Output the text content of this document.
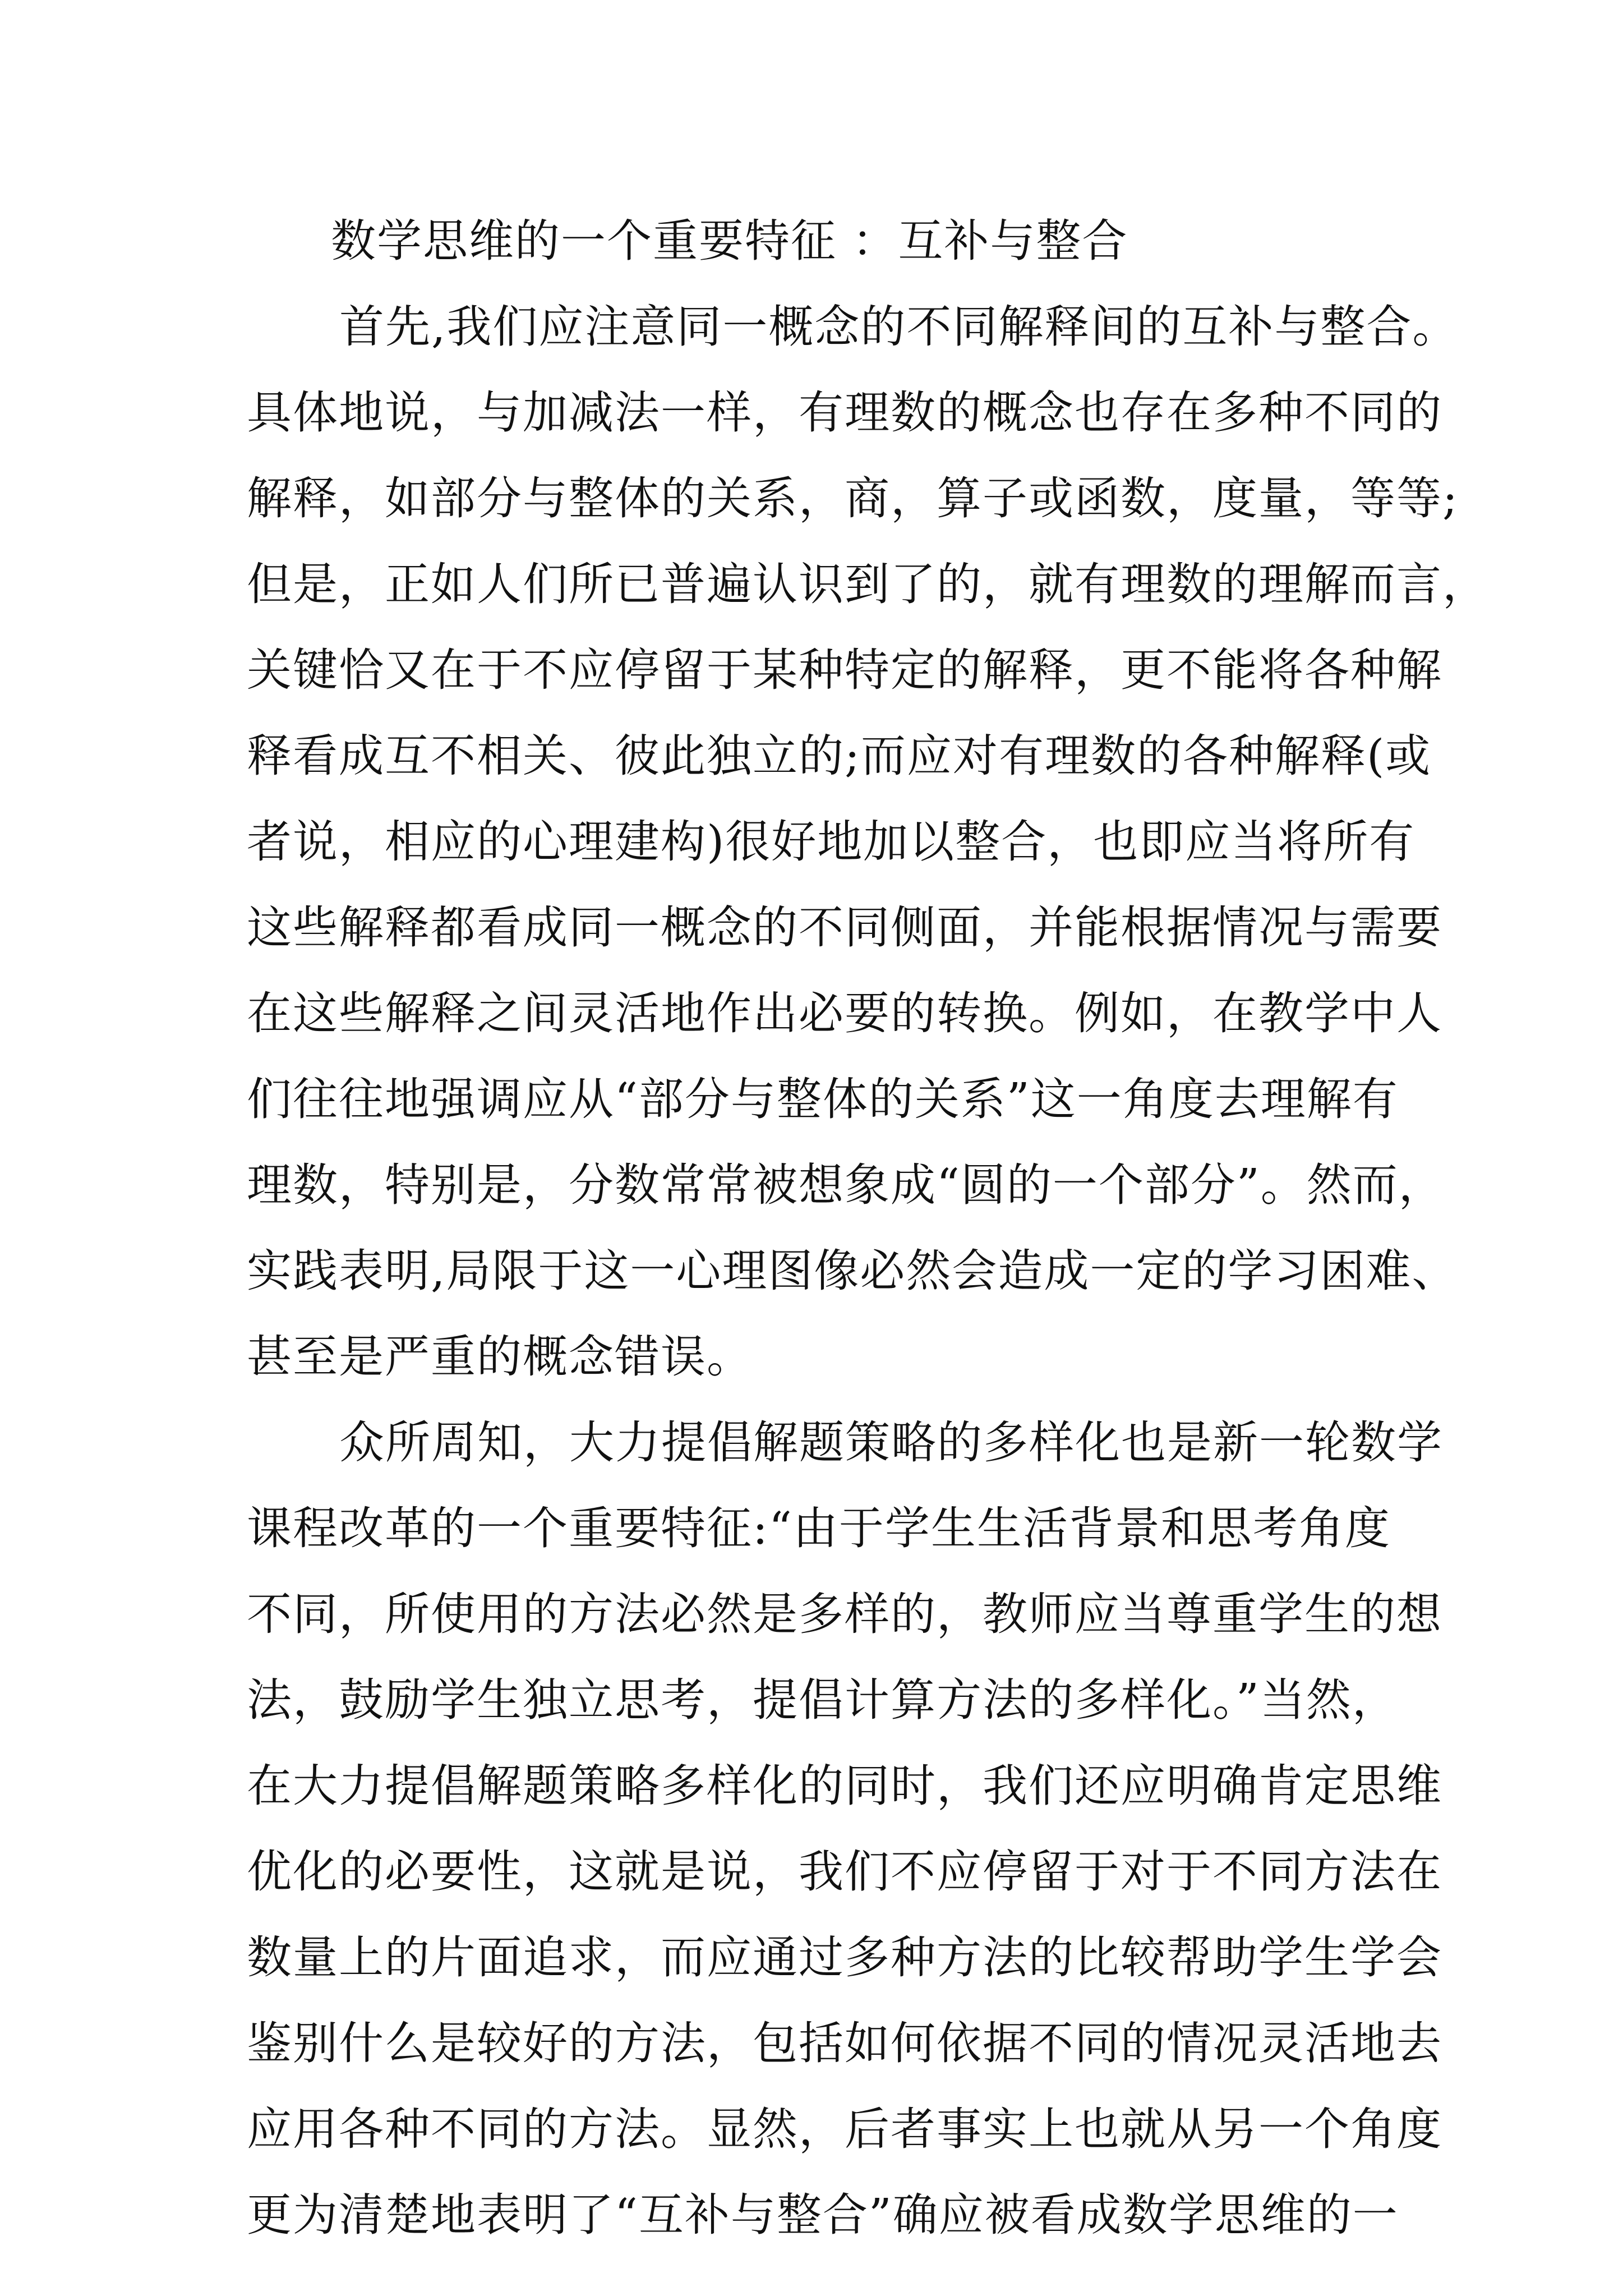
数学思维的一个重要特征 ：互补与整合
首先,我们应注意同一概念的不同解释间的互补与整合。
具体地说，与加减法一样，有理数的概念也存在多种不同的
解释，如部分与整体的关系，商，算子或函数，度量，等等;
但是，正如人们所已普遍认识到了的，就有理数的理解而言，
关键恰又在于不应停留于某种特定的解释，更不能将各种解
释看成互不相关、彼此独立的;而应对有理数的各种解释(或
者说，相应的心理建构)很好地加以整合，也即应当将所有
这些解释都看成同一概念的不同侧面，并能根据情况与需要
在这些解释之间灵活地作出必要的转换。例如，在教学中人
们往往地强调应从“部分与整体的关系”这一角度去理解有
理数，特别是，分数常常被想象成“圆的一个部分”。然而，
实践表明,局限于这一心理图像必然会造成一定的学习困难、
甚至是严重的概念错误。
众所周知，大力提倡解题策略的多样化也是新一轮数学
课程改革的一个重要特征:“由于学生生活背景和思考角度
不同，所使用的方法必然是多样的，教师应当尊重学生的想
法，鼓励学生独立思考，提倡计算方法的多样化。”当然，
在大力提倡解题策略多样化的同时，我们还应明确肯定思维
优化的必要性，这就是说，我们不应停留于对于不同方法在
数量上的片面追求，而应通过多种方法的比较帮助学生学会
鉴别什么是较好的方法，包括如何依据不同的情况灵活地去
应用各种不同的方法。显然，后者事实上也就从另一个角度
更为清楚地表明了“互补与整合”确应被看成数学思维的一
